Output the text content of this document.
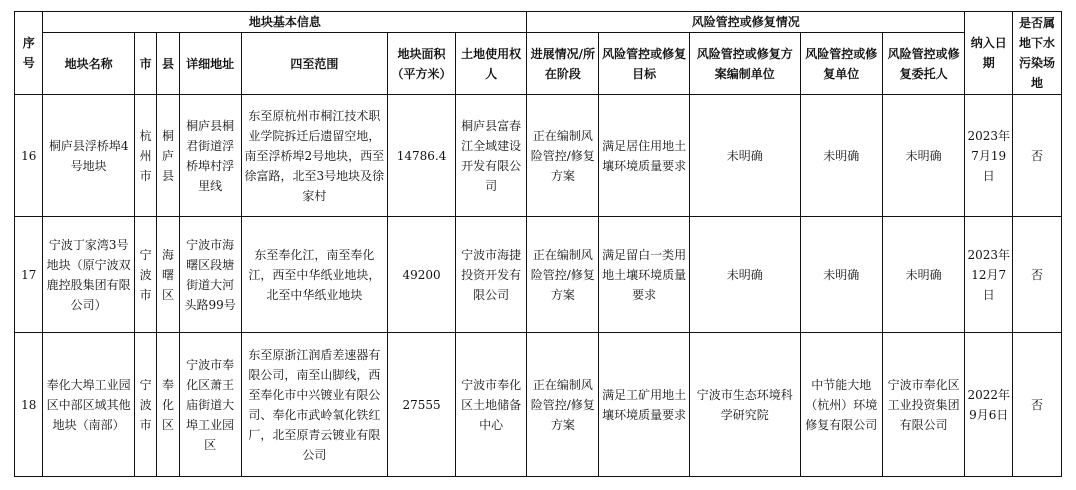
序号	地块基本信息							风险管控或修复情况					纳入日期	是否属地下水污染场地
	地块名称	市	县	详细地址	四至范围	地块面积（平方米）	土地使用权人	进展情况/所在阶段	风险管控或修复目标	风险管控或修复方案编制单位	风险管控或修复单位	风险管控或修复委托人		
16	桐庐县浮桥埠4号地块	杭州市	桐庐县	桐庐县桐君街道浮桥埠村浮里线	东至原杭州市桐江技术职业学院拆迁后遗留空地，南至浮桥埠2号地块，西至徐富路，北至3号地块及徐家村	14786.4	桐庐县富春江全域建设开发有限公司	正在编制风险管控/修复方案	满足居住用地土壤环境质量要求	未明确	未明确	未明确	2023年7月19日	否
17	宁波丁家湾3号地块（原宁波双鹿控股集团有限公司）	宁波市	海曙区	宁波市海曙区段塘街道大河头路99号	东至奉化江，南至奉化江，西至中华纸业地块，北至中华纸业地块	49200	宁波市海捷投资开发有限公司	正在编制风险管控/修复方案	满足留白一类用地土壤环境质量要求	未明确	未明确	未明确	2023年12月7日	否
18	奉化大埠工业园区中部区域其他地块（南部）	宁波市	奉化区	宁波市奉化区萧王庙街道大埠工业园区	东至原浙江润盾差速器有限公司，南至山脚线，西至奉化市中兴镀业有限公司、奉化市武岭氧化铁红厂，北至原青云镀业有限公司	27555	宁波市奉化区土地储备中心	正在编制风险管控/修复方案	满足工矿用地土壤环境质量要求	宁波市生态环境科学研究院	中节能大地（杭州）环境修复有限公司	宁波市奉化区工业投资集团有限公司	2022年9月6日	否
